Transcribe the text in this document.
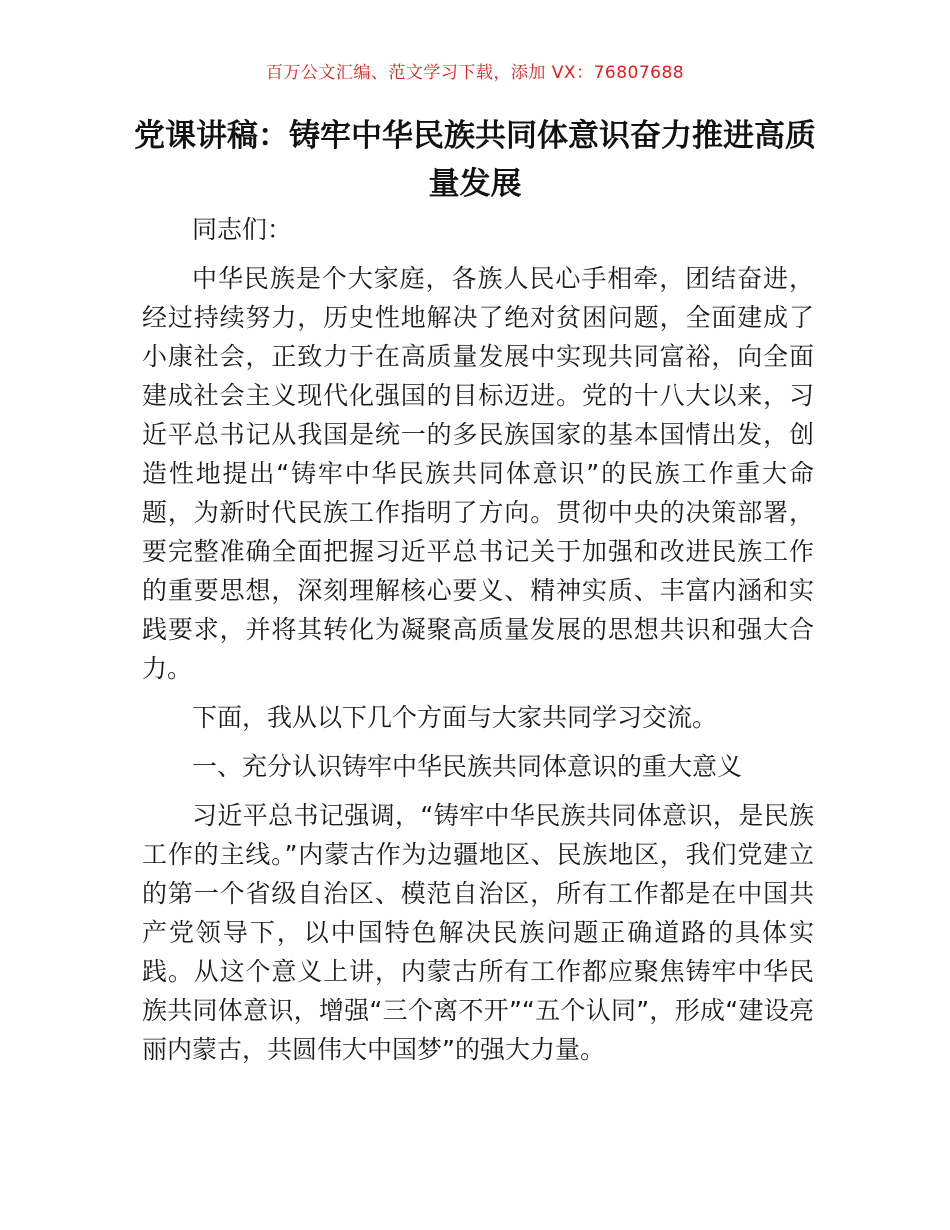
百万公文汇编、范文学习下载，添加 VX：76807688
党课讲稿：铸牢中华民族共同体意识奋力推进高质量发展

同志们：

中华民族是个大家庭，各族人民心手相牵，团结奋进，经过持续努力，历史性地解决了绝对贫困问题，全面建成了小康社会，正致力于在高质量发展中实现共同富裕，向全面建成社会主义现代化强国的目标迈进。党的十八大以来，习近平总书记从我国是统一的多民族国家的基本国情出发，创造性地提出“铸牢中华民族共同体意识”的民族工作重大命题，为新时代民族工作指明了方向。贯彻中央的决策部署，要完整准确全面把握习近平总书记关于加强和改进民族工作的重要思想，深刻理解核心要义、精神实质、丰富内涵和实践要求，并将其转化为凝聚高质量发展的思想共识和强大合力。

下面，我从以下几个方面与大家共同学习交流。

一、充分认识铸牢中华民族共同体意识的重大意义

习近平总书记强调，“铸牢中华民族共同体意识，是民族工作的主线。”内蒙古作为边疆地区、民族地区，我们党建立的第一个省级自治区、模范自治区，所有工作都是在中国共产党领导下，以中国特色解决民族问题正确道路的具体实践。从这个意义上讲，内蒙古所有工作都应聚焦铸牢中华民族共同体意识，增强“三个离不开”“五个认同”，形成“建设亮丽内蒙古，共圆伟大中国梦”的强大力量。
